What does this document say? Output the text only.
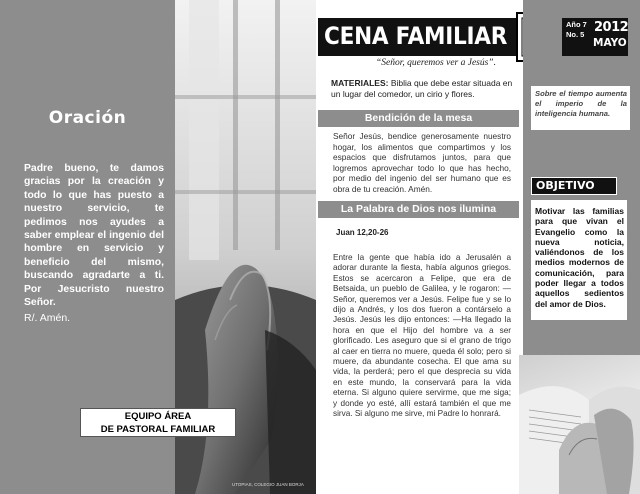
Oración
Padre bueno, te damos gracias por la creación y todo lo que has puesto a nuestro servicio, te pedimos nos ayudes a saber emplear el ingenio del hombre en servicio y beneficio del mismo, buscando agradarte a ti. Por Jesucristo nuestro Señor.
R/. Amén.
EQUIPO ÁREA
DE PASTORAL FAMILIAR
UTOPIAS, COLEGIO JUAN BORJA
CENA FAMILIAR
“Señor, queremos ver a Jesús”.
MATERIALES: Biblia que debe estar situada en un lugar del comedor, un cirio y flores.
Bendición de la mesa
Señor Jesús, bendice generosamente nuestro hogar, los alimentos que compartimos y los espacios que disfrutamos juntos, para que logremos aprovechar todo lo que has hecho, por medio del ingenio del ser humano que es obra de tu creación. Amén.
La Palabra de Dios nos ilumina
Juan 12,20-26
Entre la gente que había ido a Jerusalén a adorar durante la fiesta, había algunos griegos. Estos se acercaron a Felipe, que era de Betsaida, un pueblo de Galilea, y le rogaron: —Señor, queremos ver a Jesús. Felipe fue y se lo dijo a Andrés, y los dos fueron a contárselo a Jesús. Jesús les dijo entonces: —Ha llegado la hora en que el Hijo del hombre va a ser glorificado. Les aseguro que si el grano de trigo al caer en tierra no muere, queda él solo; pero si muere, da abundante cosecha. El que ama su vida, la perderá; pero el que desprecia su vida en este mundo, la conservará para la vida eterna. Si alguno quiere servirme, que me siga; y donde yo esté, allí estará también el que me sirva. Si alguno me sirve, mi Padre lo honrará.
Año 7
No. 5 2012
MAYO
Sobre el tiempo aumenta el imperio de la inteligencia humana.
OBJETIVO
Motivar las familias para que vivan el Evangelio como la nueva noticia, valiéndonos de los medios modernos de comunicación, para poder llegar a todos aquellos sedientos del amor de Dios.
